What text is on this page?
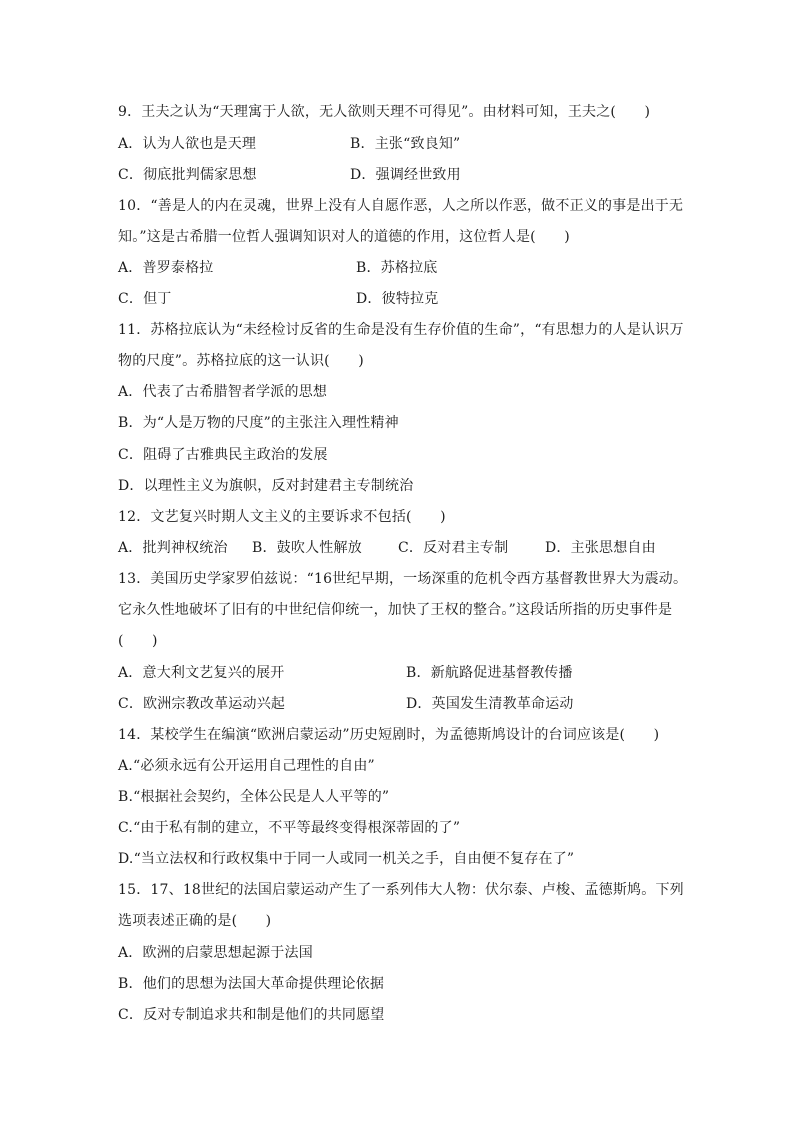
9．王夫之认为“天理寓于人欲，无人欲则天理不可得见”。由材料可知，王夫之(　　)
A．认为人欲也是天理	B．主张“致良知”
C．彻底批判儒家思想	D．强调经世致用
10．“善是人的内在灵魂，世界上没有人自愿作恶，人之所以作恶，做不正义的事是出于无
知。”这是古希腊一位哲人强调知识对人的道德的作用，这位哲人是(　　)
A．普罗泰格拉	B．苏格拉底
C．但丁	D．彼特拉克
11．苏格拉底认为“未经检讨反省的生命是没有生存价值的生命”，“有思想力的人是认识万
物的尺度”。苏格拉底的这一认识(　　)
A．代表了古希腊智者学派的思想
B．为“人是万物的尺度”的主张注入理性精神
C．阻碍了古雅典民主政治的发展
D．以理性主义为旗帜，反对封建君主专制统治
12．文艺复兴时期人文主义的主要诉求不包括(　　)
A．批判神权统治 B．鼓吹人性解放	C．反对君主专制	D．主张思想自由
13．美国历史学家罗伯兹说：“16世纪早期，一场深重的危机令西方基督教世界大为震动。
它永久性地破坏了旧有的中世纪信仰统一，加快了王权的整合。”这段话所指的历史事件是
(　　)
A．意大利文艺复兴的展开	B．新航路促进基督教传播
C．欧洲宗教改革运动兴起	D．英国发生清教革命运动
14．某校学生在编演“欧洲启蒙运动”历史短剧时，为孟德斯鸠设计的台词应该是(　　)
A.“必须永远有公开运用自己理性的自由”
B.“根据社会契约，全体公民是人人平等的”
C.“由于私有制的建立，不平等最终变得根深蒂固的了”
D.“当立法权和行政权集中于同一人或同一机关之手，自由便不复存在了”
15．17、18世纪的法国启蒙运动产生了一系列伟大人物：伏尔泰、卢梭、孟德斯鸠。下列
选项表述正确的是(　　)
A．欧洲的启蒙思想起源于法国
B．他们的思想为法国大革命提供理论依据
C．反对专制追求共和制是他们的共同愿望
